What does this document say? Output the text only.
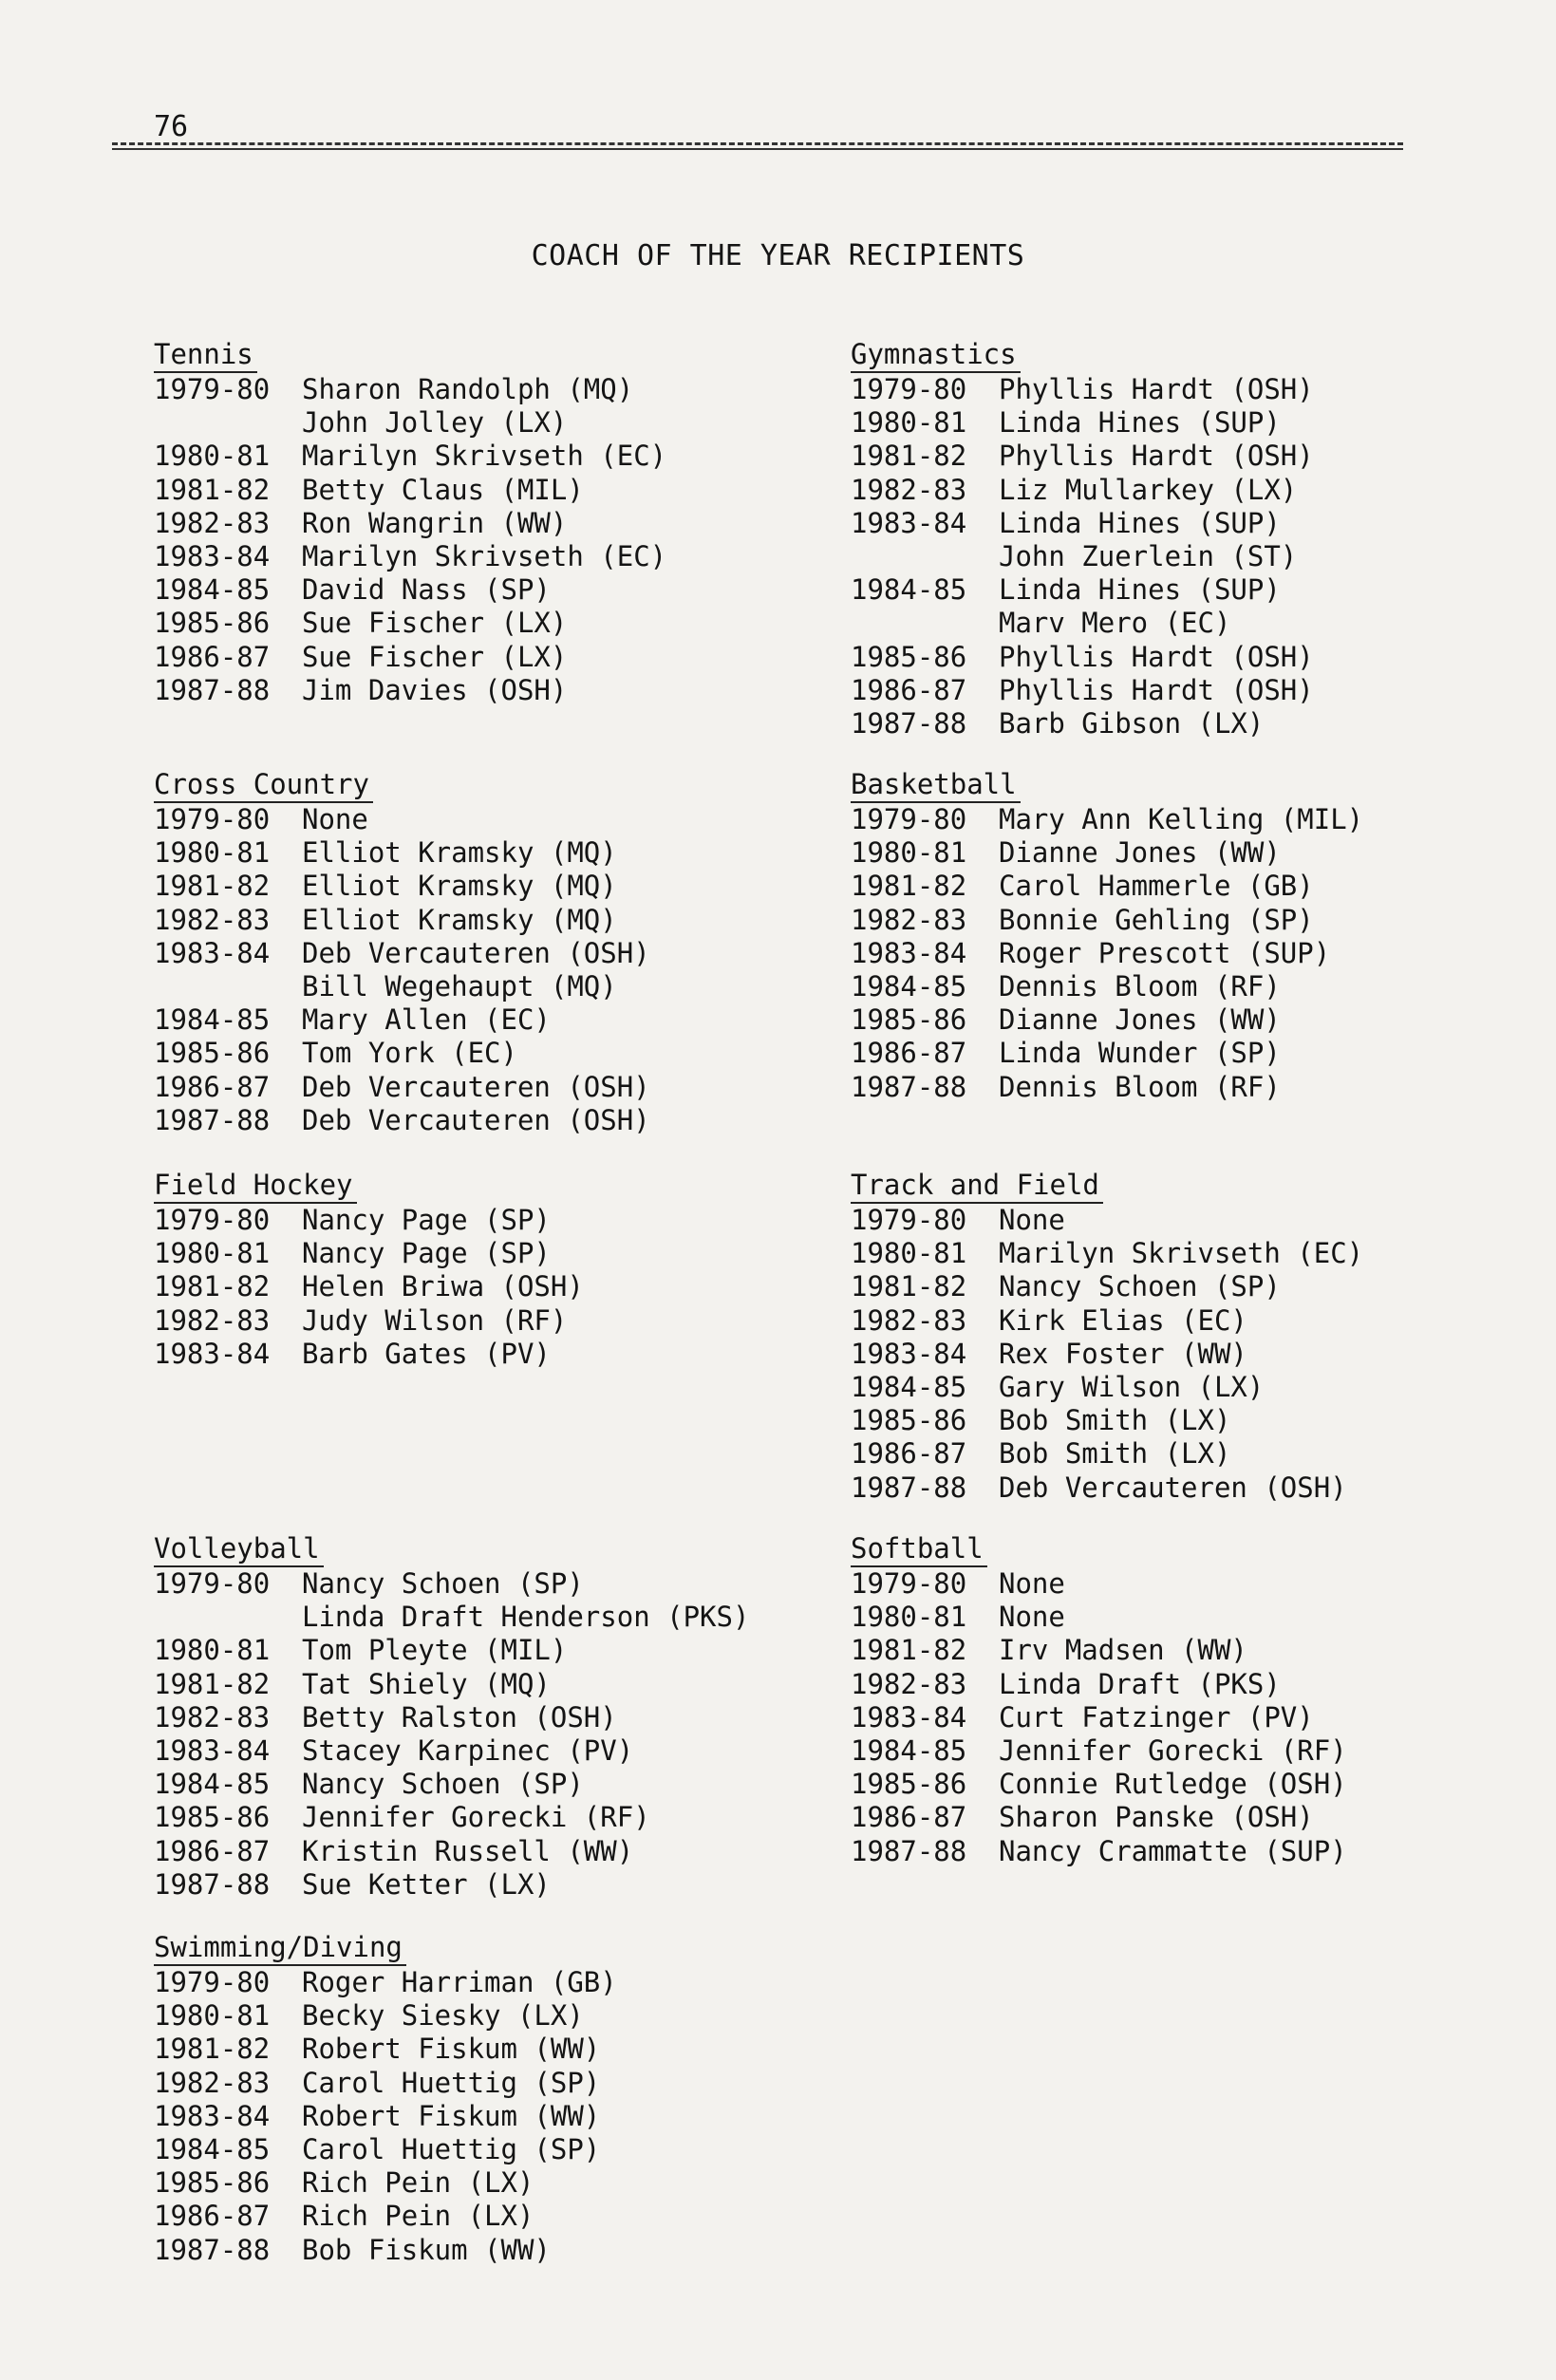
76
COACH OF THE YEAR RECIPIENTS
Tennis
1979-80	Sharon Randolph (MQ)
John Jolley (LX)
1980-81	Marilyn Skrivseth (EC)
1981-82	Betty Claus (MIL)
1982-83	Ron Wangrin (WW)
1983-84	Marilyn Skrivseth (EC)
1984-85	David Nass (SP)
1985-86	Sue Fischer (LX)
1986-87	Sue Fischer (LX)
1987-88	Jim Davies (OSH)
Cross Country
1979-80	None
1980-81	Elliot Kramsky (MQ)
1981-82	Elliot Kramsky (MQ)
1982-83	Elliot Kramsky (MQ)
1983-84	Deb Vercauteren (OSH)
Bill Wegehaupt (MQ)
1984-85	Mary Allen (EC)
1985-86	Tom York (EC)
1986-87	Deb Vercauteren (OSH)
1987-88	Deb Vercauteren (OSH)
Field Hockey
1979-80	Nancy Page (SP)
1980-81	Nancy Page (SP)
1981-82	Helen Briwa (OSH)
1982-83	Judy Wilson (RF)
1983-84	Barb Gates (PV)
Volleyball
1979-80	Nancy Schoen (SP)
Linda Draft Henderson (PKS)
1980-81	Tom Pleyte (MIL)
1981-82	Tat Shiely (MQ)
1982-83	Betty Ralston (OSH)
1983-84	Stacey Karpinec (PV)
1984-85	Nancy Schoen (SP)
1985-86	Jennifer Gorecki (RF)
1986-87	Kristin Russell (WW)
1987-88	Sue Ketter (LX)
Swimming/Diving
1979-80	Roger Harriman (GB)
1980-81	Becky Siesky (LX)
1981-82	Robert Fiskum (WW)
1982-83	Carol Huettig (SP)
1983-84	Robert Fiskum (WW)
1984-85	Carol Huettig (SP)
1985-86	Rich Pein (LX)
1986-87	Rich Pein (LX)
1987-88	Bob Fiskum (WW)
Gymnastics
1979-80	Phyllis Hardt (OSH)
1980-81	Linda Hines (SUP)
1981-82	Phyllis Hardt (OSH)
1982-83	Liz Mullarkey (LX)
1983-84	Linda Hines (SUP)
John Zuerlein (ST)
1984-85	Linda Hines (SUP)
Marv Mero (EC)
1985-86	Phyllis Hardt (OSH)
1986-87	Phyllis Hardt (OSH)
1987-88	Barb Gibson (LX)
Basketball
1979-80	Mary Ann Kelling (MIL)
1980-81	Dianne Jones (WW)
1981-82	Carol Hammerle (GB)
1982-83	Bonnie Gehling (SP)
1983-84	Roger Prescott (SUP)
1984-85	Dennis Bloom (RF)
1985-86	Dianne Jones (WW)
1986-87	Linda Wunder (SP)
1987-88	Dennis Bloom (RF)
Track and Field
1979-80	None
1980-81	Marilyn Skrivseth (EC)
1981-82	Nancy Schoen (SP)
1982-83	Kirk Elias (EC)
1983-84	Rex Foster (WW)
1984-85	Gary Wilson (LX)
1985-86	Bob Smith (LX)
1986-87	Bob Smith (LX)
1987-88	Deb Vercauteren (OSH)
Softball
1979-80	None
1980-81	None
1981-82	Irv Madsen (WW)
1982-83	Linda Draft (PKS)
1983-84	Curt Fatzinger (PV)
1984-85	Jennifer Gorecki (RF)
1985-86	Connie Rutledge (OSH)
1986-87	Sharon Panske (OSH)
1987-88	Nancy Crammatte (SUP)
